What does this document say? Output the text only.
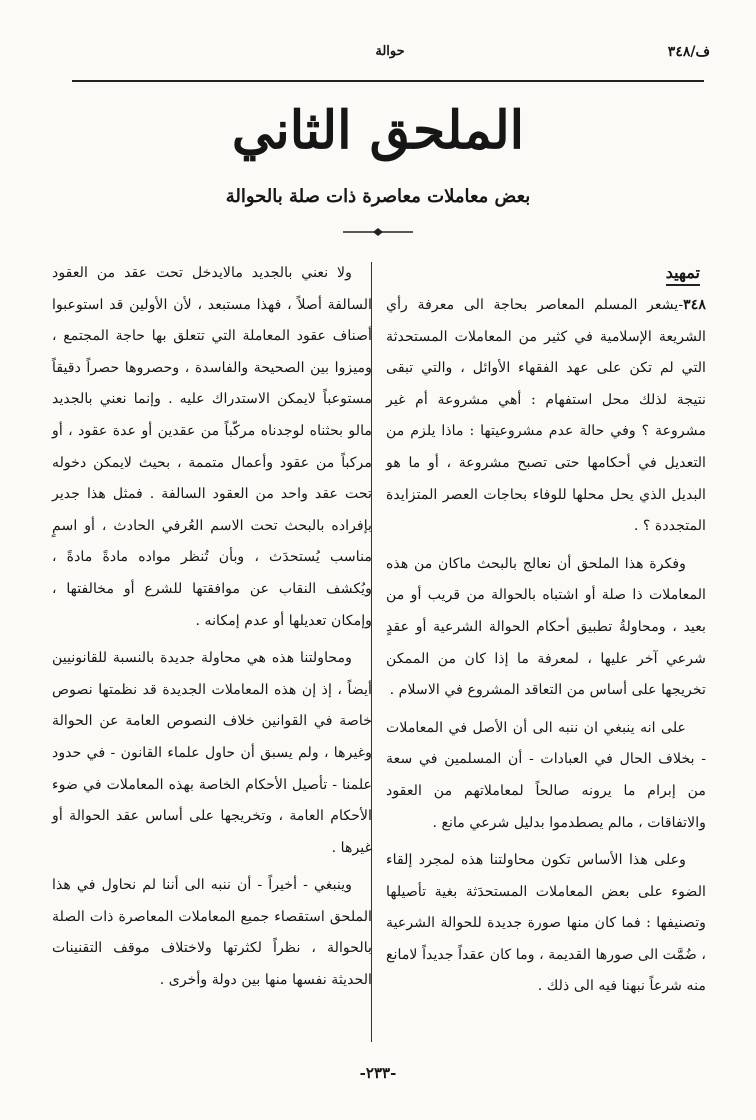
ف/٣٤٨
حوالة
الملحق الثاني
بعض معاملات معاصرة ذات صلة بالحوالة
تمهيد

٣٤٨-يشعر المسلم المعاصر بحاجة الى معرفة رأي الشريعة الإسلامية في كثير من المعاملات المستحدثة التي لم تكن على عهد الفقهاء الأوائل ، والتي تبقى نتيجة لذلك محل استفهام : أهي مشروعة أم غير مشروعة ؟ وفي حالة عدم مشروعيتها : ماذا يلزم من التعديل في أحكامها حتى تصبح مشروعة ، أو ما هو البديل الذي يحل محلها للوفاء بحاجات العصر المتزايدة المتجددة ؟ .

وفكرة هذا الملحق أن نعالج بالبحث ماكان من هذه المعاملات ذا صلة أو اشتباه بالحوالة من قريب أو من بعيد ، ومحاولةُ تطبيق أحكام الحوالة الشرعية أو عقدٍ شرعي آخر عليها ، لمعرفة ما إذا كان من الممكن تخريجها على أساس من التعاقد المشروع في الاسلام .

على انه ينبغي ان ننبه الى أن الأصل في المعاملات - بخلاف الحال في العبادات - أن المسلمين في سعة من إبرام ما يرونه صالحاً لمعاملاتهم من العقود والاتفاقات ، مالم يصطدموا بدليل شرعي مانع .

وعلى هذا الأساس تكون محاولتنا هذه لمجرد إلقاء الضوء على بعض المعاملات المستحدَثة بغية تأصيلها وتصنيفها : فما كان منها صورة جديدة للحوالة الشرعية ، ضُمَّت الى صورها القديمة ، وما كان عقداً جديداً لامانع منه شرعاً نبهنا فيه الى ذلك .

ولا نعني بالجديد مالايدخل تحت عقد من العقود السالفة أصلاً ، فهذا مستبعد ، لأن الأولين قد استوعبوا أصناف عقود المعاملة التي تتعلق بها حاجة المجتمع ، وميزوا بين الصحيحة والفاسدة ، وحصروها حصراً دقيقاً مستوعباً لايمكن الاستدراك عليه . وإنما نعني بالجديد مالو بحثناه لوجدناه مركّباً من عقدين أو عدة عقود ، أو مركباً من عقود وأعمال متممة ، بحيث لايمكن دخوله تحت عقد واحد من العقود السالفة . فمثل هذا جدير بإفراده بالبحث تحت الاسم العُرفي الحادث ، أو اسمٍ مناسب يُستحدَث ، وبأن تُنظر مواده مادةً مادةً ، ويُكشف النقاب عن موافقتها للشرع أو مخالفتها ، وإمكان تعديلها أو عدم إمكانه .

ومحاولتنا هذه هي محاولة جديدة بالنسبة للقانونيين أيضاً ، إذ إن هذه المعاملات الجديدة قد نظمتها نصوص خاصة في القوانين خلاف النصوص العامة عن الحوالة وغيرها ، ولم يسبق أن حاول علماء القانون - في حدود علمنا - تأصيل الأحكام الخاصة بهذه المعاملات في ضوء الأحكام العامة ، وتخريجها على أساس عقد الحوالة أو غيرها .

وينبغي - أخيراً - أن ننبه الى أننا لم نحاول في هذا الملحق استقصاء جميع المعاملات المعاصرة ذات الصلة بالحوالة ، نظراً لكثرتها ولاختلاف موقف التقنينات الحديثة نفسها منها بين دولة وأخرى .

-٢٣٣-
